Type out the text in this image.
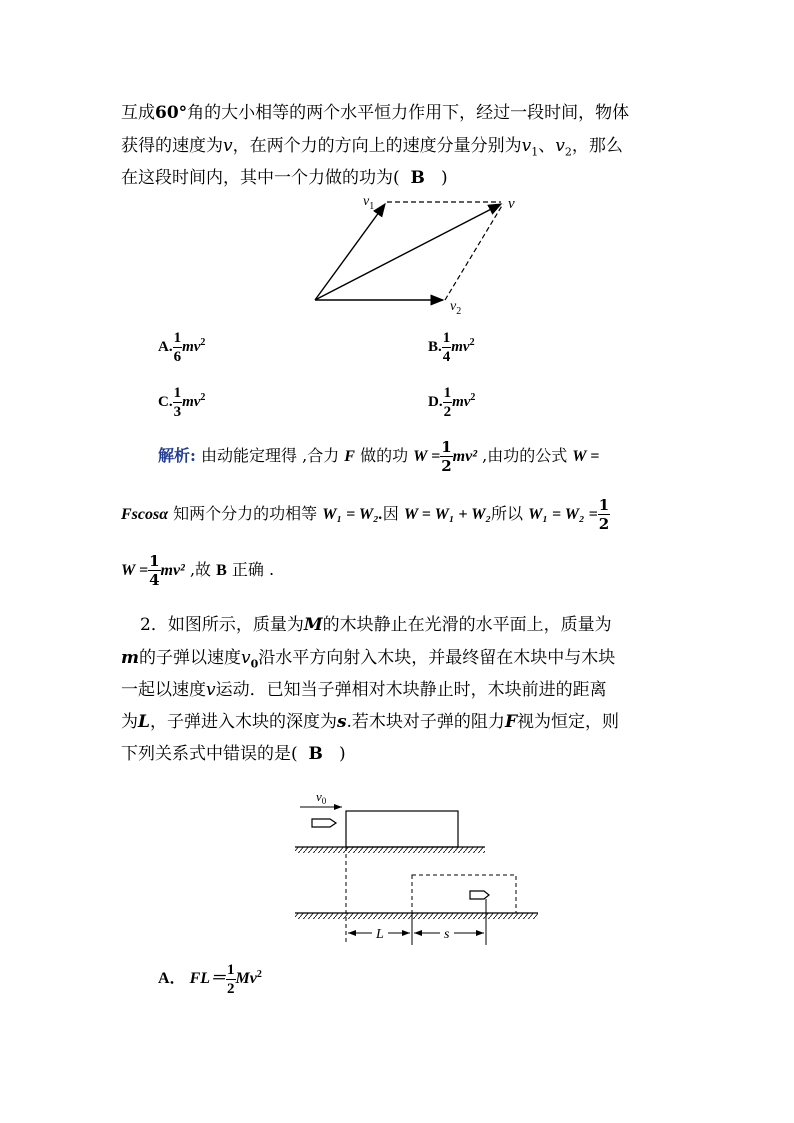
互成60°角的大小相等的两个水平恒力作用下，经过一段时间，物体
获得的速度为v，在两个力的方向上的速度分量分别为$v_1$、$v_2$，那么
在这段时间内，其中一个力做的功为( B )
$v_1$	v
$v_2$
A. $\frac{1}{6} mv^2$	B. $\frac{1}{4} mv^2$
C. $\frac{1}{3} mv^2$	D. $\frac{1}{2} mv^2$
解析: 由动能定理得 ,合力 F 做的功 $W = \frac{1}{2} mv^2$ ,由功的公式 W =
Fscosα 知两个分力的功相等 W₁ = W₂.因 W = W₁ + W₂所以 $W_1 = W_2 = \frac{1}{2}$
$W = \frac{1}{4} mv^2$ ,故 B 正确 .
2．如图所示，质量为M的木块静止在光滑的水平面上，质量为
m的子弹以速度$v_0$沿水平方向射入木块，并最终留在木块中与木块
一起以速度v运动．已知当子弹相对木块静止时，木块前进的距离
为L，子弹进入木块的深度为s.若木块对子弹的阻力F视为恒定，则
下列关系式中错误的是( B )
$v_0$
L	s
A． $FL= \frac{1}{2} Mv^2$
